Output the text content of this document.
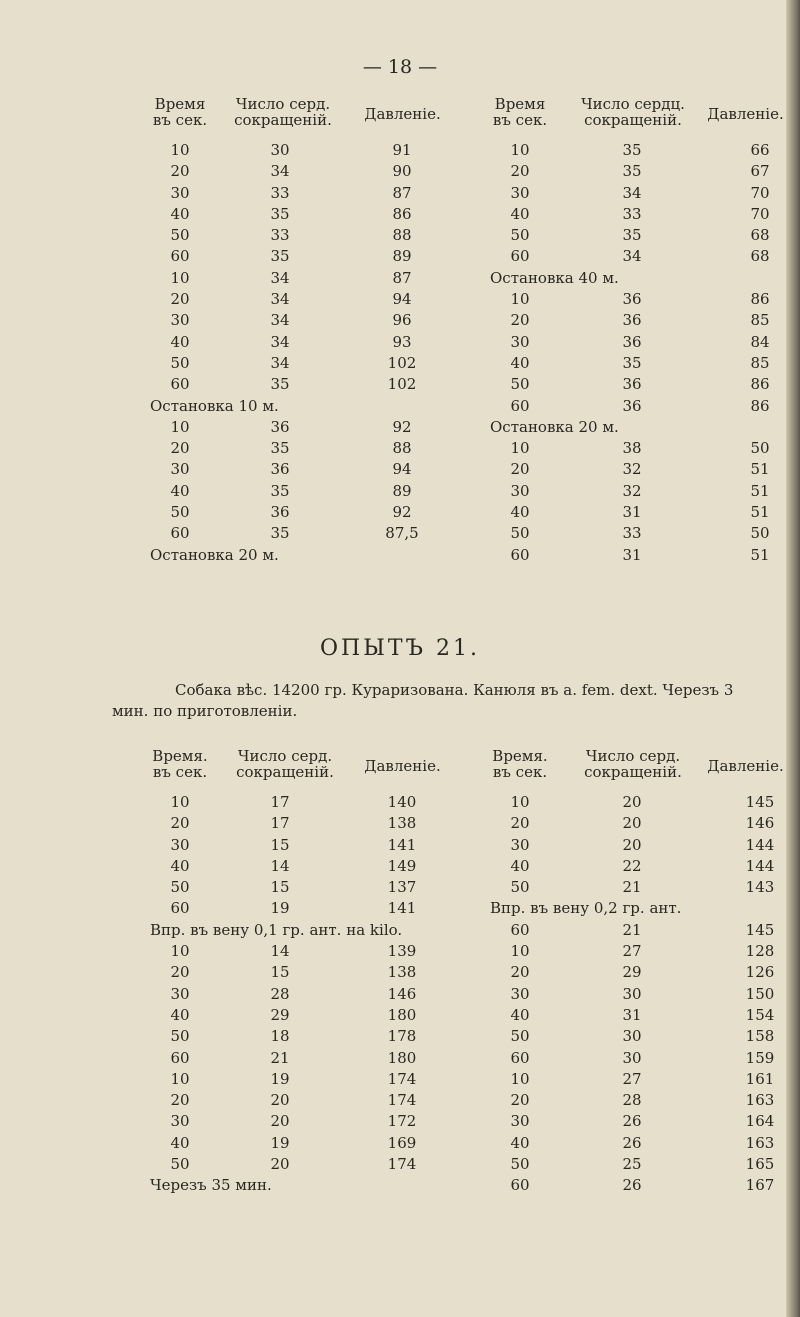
— 18 —
Время
въ сек.
Число серд.
сокращеній.	Давленіе.
10	30	91
20	34	90
30	33	87
40	35	86
50	33	88
60	35	89
10	34	87
20	34	94
30	34	96
40	34	93
50	34	102
60	35	102
Остановка 10 м.
10	36	92
20	35	88
30	36	94
40	35	89
50	36	92
60	35	87,5
Остановка 20 м.
Время
въ сек.
Число сердц.
сокращеній.	Давленіе.
10	35	66
20	35	67
30	34	70
40	33	70
50	35	68
60	34	68
Остановка 40 м.
10	36	86
20	36	85
30	36	84
40	35	85
50	36	86
60	36	86
Остановка 20 м.
10	38	50
20	32	51
30	32	51
40	31	51
50	33	50
60	31	51
ОПЫТЪ 21.
Собака вѣс. 14200 гр. Кураризована. Канюля въ a. fem. dext. Черезъ 3
мин. по приготовленіи.
Время.
въ сек.
Число серд.
сокращеній.	Давленіе.
10	17	140
20	17	138
30	15	141
40	14	149
50	15	137
60	19	141
Впр. въ вену 0,1 гр. ант. на kilo.
10	14	139
20	15	138
30	28	146
40	29	180
50	18	178
60	21	180
10	19	174
20	20	174
30	20	172
40	19	169
50	20	174
Черезъ 35 мин.
Время.
въ сек.
Число серд.
сокращеній.	Давленіе.
10	20	145
20	20	146
30	20	144
40	22	144
50	21	143
Впр. въ вену 0,2 гр. ант.
60	21	145
10	27	128
20	29	126
30	30	150
40	31	154
50	30	158
60	30	159
10	27	161
20	28	163
30	26	164
40	26	163
50	25	165
60	26	167
